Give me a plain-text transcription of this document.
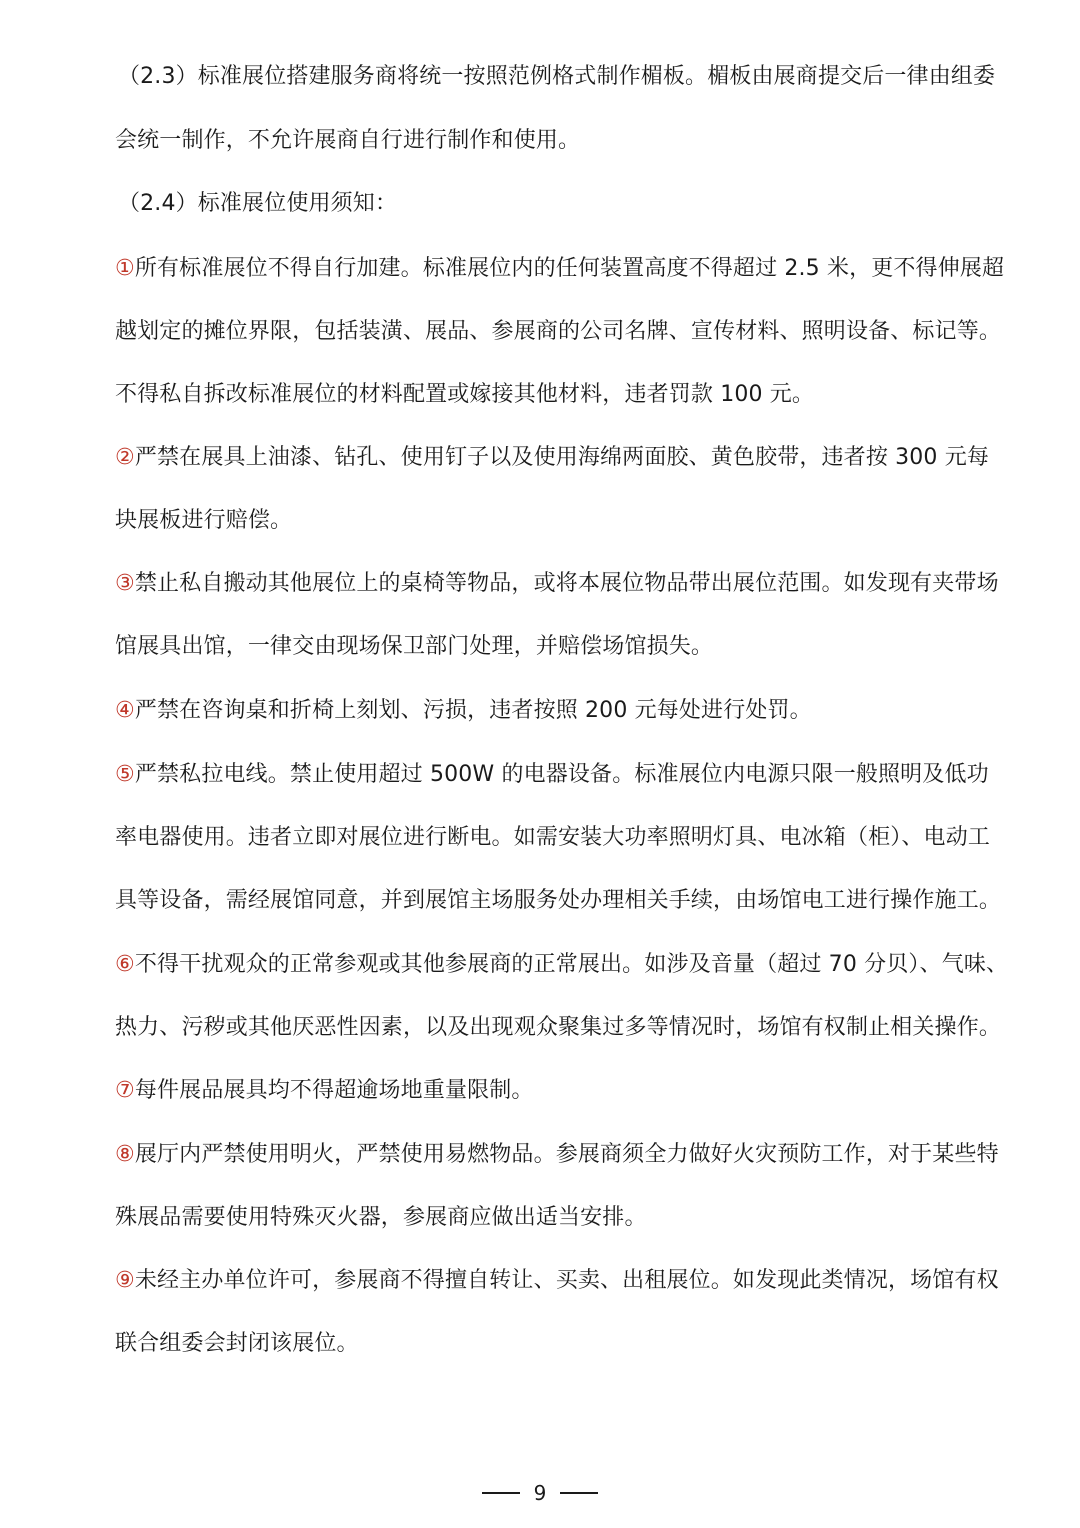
（2.3）标准展位搭建服务商将统一按照范例格式制作楣板。楣板由展商提交后一律由组委
会统一制作，不允许展商自行进行制作和使用。
（2.4）标准展位使用须知：
①所有标准展位不得自行加建。标准展位内的任何装置高度不得超过 2.5 米，更不得伸展超
越划定的摊位界限，包括装潢、展品、参展商的公司名牌、宣传材料、照明设备、标记等。
不得私自拆改标准展位的材料配置或嫁接其他材料，违者罚款 100 元。
②严禁在展具上油漆、钻孔、使用钉子以及使用海绵两面胶、黄色胶带，违者按 300 元每
块展板进行赔偿。
③禁止私自搬动其他展位上的桌椅等物品，或将本展位物品带出展位范围。如发现有夹带场
馆展具出馆，一律交由现场保卫部门处理，并赔偿场馆损失。
④严禁在咨询桌和折椅上刻划、污损，违者按照 200 元每处进行处罚。
⑤严禁私拉电线。禁止使用超过 500W 的电器设备。标准展位内电源只限一般照明及低功
率电器使用。违者立即对展位进行断电。如需安装大功率照明灯具、电冰箱（柜）、电动工
具等设备，需经展馆同意，并到展馆主场服务处办理相关手续，由场馆电工进行操作施工。
⑥不得干扰观众的正常参观或其他参展商的正常展出。如涉及音量（超过 70 分贝）、气味、
热力、污秽或其他厌恶性因素，以及出现观众聚集过多等情况时，场馆有权制止相关操作。
⑦每件展品展具均不得超逾场地重量限制。
⑧展厅内严禁使用明火，严禁使用易燃物品。参展商须全力做好火灾预防工作，对于某些特
殊展品需要使用特殊灭火器，参展商应做出适当安排。
⑨未经主办单位许可，参展商不得擅自转让、买卖、出租展位。如发现此类情况，场馆有权
联合组委会封闭该展位。
9
